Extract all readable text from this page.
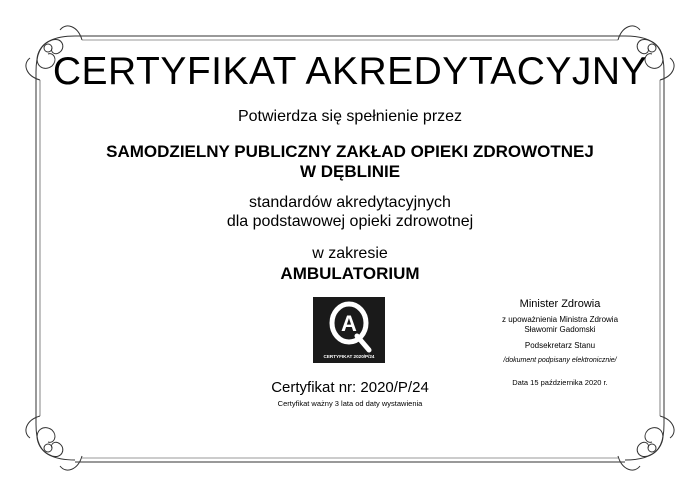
CERTYFIKAT AKREDYTACYJNY
Potwierdza się spełnienie przez
SAMODZIELNY PUBLICZNY ZAKŁAD OPIEKI ZDROWOTNEJ
W DĘBLINIE
standardów akredytacyjnych
dla podstawowej opieki zdrowotnej
w zakresie
AMBULATORIUM
A
CERTYFIKAT 2020/P/24
Certyfikat nr: 2020/P/24
Certyfikat ważny 3 lata od daty wystawienia
Minister Zdrowia
z upoważnienia Ministra Zdrowia
Sławomir Gadomski
Podsekretarz Stanu
/dokument podpisany elektronicznie/
Data 15 października 2020 r.
